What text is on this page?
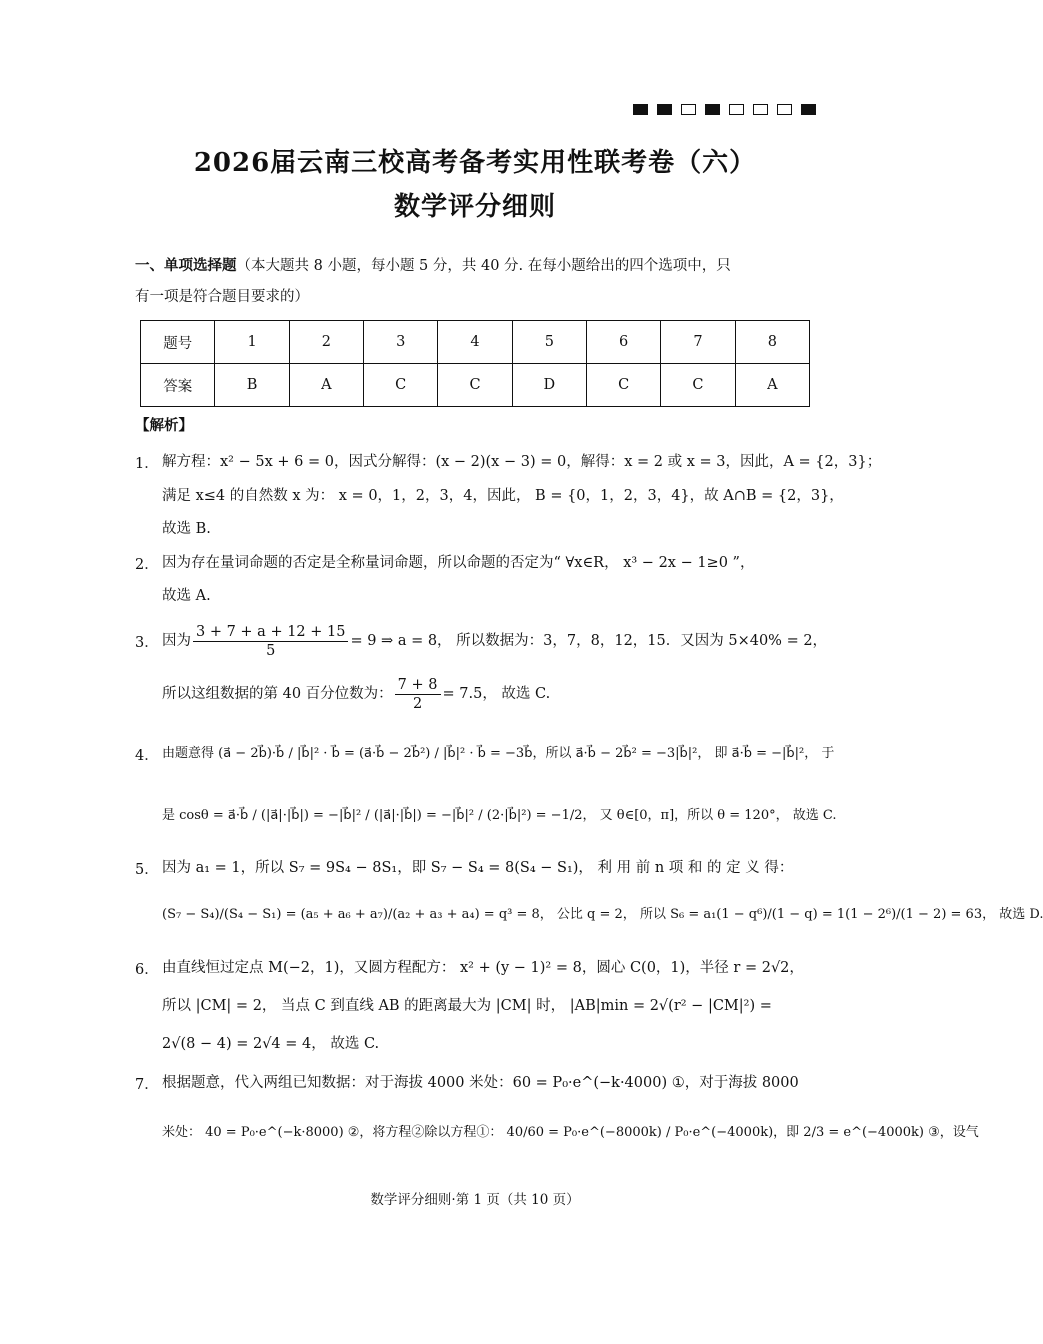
2026届云南三校高考备考实用性联考卷（六）
数学评分细则
一、单项选择题（本大题共 8 小题，每小题 5 分，共 40 分. 在每小题给出的四个选项中，只
有一项是符合题目要求的）
题号	1	2	3	4	5	6	7	8
答案	B	A	C	C	D	C	C	A
【解析】
1． 解方程：x² − 5x + 6 = 0，因式分解得：(x − 2)(x − 3) = 0，解得：x = 2 或 x = 3，因此，A = {2，3}；
满足 x≤4 的自然数 x 为： x = 0，1，2，3，4，因此， B = {0，1，2，3，4}，故 A∩B = {2，3}，
故选 B.
2． 因为存在量词命题的否定是全称量词命题，所以命题的否定为“ ∀x∈R， x³ − 2x − 1≥0 ”，
故选 A.
3． 因为 $\frac{3 + 7 + a + 12 + 15}{5} = 9$ ⇒ a = 8， 所以数据为：3，7，8，12，15．又因为 5×40% = 2，
所以这组数据的第 40 百分位数为： $\frac{7 + 8}{2} = 7.5$， 故选 C.
4． 由题意得 (a⃗ − 2b⃗)·b⃗ / |b⃗|² · b⃗ = (a⃗·b⃗ − 2b⃗²) / |b⃗|² · b⃗ = −3b⃗，所以 a⃗·b⃗ − 2b⃗² = −3|b⃗|²， 即 a⃗·b⃗ = −|b⃗|²， 于
是 cosθ = a⃗·b⃗ / (|a⃗|·|b⃗|) = −|b⃗|² / (|a⃗|·|b⃗|) = −|b⃗|² / (2·|b⃗|²) = −1/2， 又 θ∈[0，π]，所以 θ = 120°， 故选 C.
5． 因为 a₁ = 1，所以 S₇ = 9S₄ − 8S₁，即 S₇ − S₄ = 8(S₄ − S₁)， 利 用 前 n 项 和 的 定 义 得：
(S₇ − S₄)/(S₄ − S₁) = (a₅ + a₆ + a₇)/(a₂ + a₃ + a₄) = q³ = 8， 公比 q = 2， 所以 S₆ = a₁(1 − q⁶)/(1 − q) = 1(1 − 2⁶)/(1 − 2) = 63， 故选 D.
6． 由直线恒过定点 M(−2，1)，又圆方程配方： x² + (y − 1)² = 8，圆心 C(0，1)，半径 r = 2√2，
所以 |CM| = 2， 当点 C 到直线 AB 的距离最大为 |CM| 时， |AB|min = 2√(r² − |CM|²) =
2√(8 − 4) = 2√4 = 4， 故选 C.
7． 根据题意，代入两组已知数据：对于海拔 4000 米处：60 = P₀·e^(−k·4000) ①，对于海拔 8000
米处： 40 = P₀·e^(−k·8000) ②，将方程②除以方程①： 40/60 = P₀·e^(−8000k) / P₀·e^(−4000k)，即 2/3 = e^(−4000k) ③，设气
数学评分细则·第 1 页（共 10 页）
